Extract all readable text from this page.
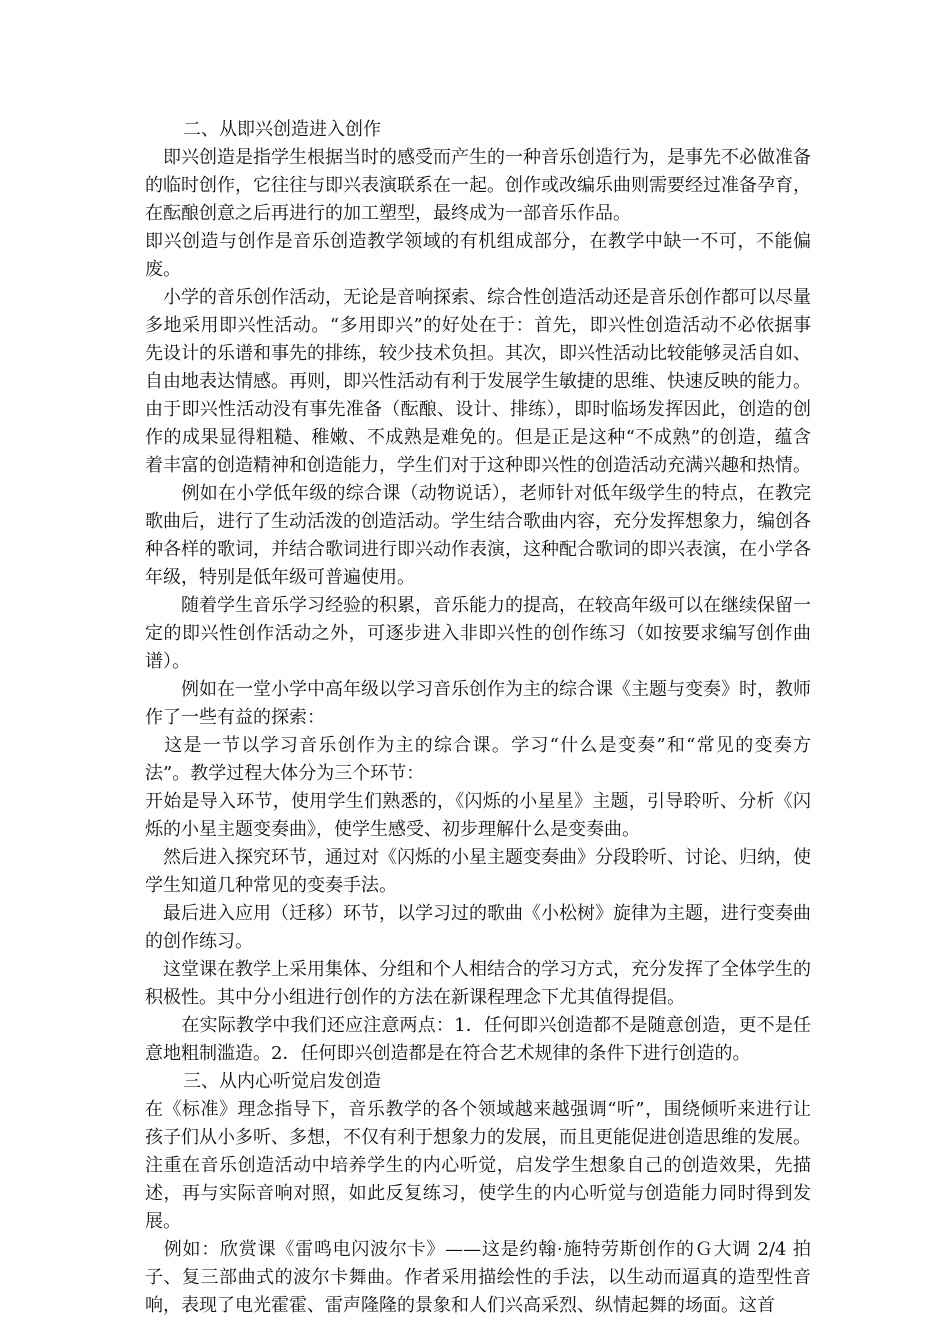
二、从即兴创造进入创作

　即兴创造是指学生根据当时的感受而产生的一种音乐创造行为，是事先不必做准备的临时创作，它往往与即兴表演联系在一起。创作或改编乐曲则需要经过准备孕育，在酝酿创意之后再进行的加工塑型，最终成为一部音乐作品。

即兴创造与创作是音乐创造教学领域的有机组成部分，在教学中缺一不可，不能偏废。

　小学的音乐创作活动，无论是音响探索、综合性创造活动还是音乐创作都可以尽量多地采用即兴性活动。“多用即兴”的好处在于：首先，即兴性创造活动不必依据事先设计的乐谱和事先的排练，较少技术负担。其次，即兴性活动比较能够灵活自如、自由地表达情感。再则，即兴性活动有利于发展学生敏捷的思维、快速反映的能力。由于即兴性活动没有事先准备（酝酿、设计、排练），即时临场发挥因此，创造的创作的成果显得粗糙、稚嫩、不成熟是难免的。但是正是这种“不成熟”的创造，蕴含着丰富的创造精神和创造能力，学生们对于这种即兴性的创造活动充满兴趣和热情。

　　例如在小学低年级的综合课（动物说话），老师针对低年级学生的特点，在教完歌曲后，进行了生动活泼的创造活动。学生结合歌曲内容，充分发挥想象力，编创各种各样的歌词，并结合歌词进行即兴动作表演，这种配合歌词的即兴表演，在小学各年级，特别是低年级可普遍使用。

　　随着学生音乐学习经验的积累，音乐能力的提高，在较高年级可以在继续保留一定的即兴性创作活动之外，可逐步进入非即兴性的创作练习（如按要求编写创作曲谱）。

　　例如在一堂小学中高年级以学习音乐创作为主的综合课《主题与变奏》时，教师作了一些有益的探索：

　这是一节以学习音乐创作为主的综合课。学习“什么是变奏”和“常见的变奏方法”。教学过程大体分为三个环节：

开始是导入环节，使用学生们熟悉的，《闪烁的小星星》主题，引导聆听、分析《闪烁的小星主题变奏曲》，使学生感受、初步理解什么是变奏曲。

　然后进入探究环节，通过对《闪烁的小星主题变奏曲》分段聆听、讨论、归纳，使学生知道几种常见的变奏手法。

　最后进入应用（迁移）环节，以学习过的歌曲《小松树》旋律为主题，进行变奏曲的创作练习。

　这堂课在教学上采用集体、分组和个人相结合的学习方式，充分发挥了全体学生的积极性。其中分小组进行创作的方法在新课程理念下尤其值得提倡。

　　在实际教学中我们还应注意两点：1．任何即兴创造都不是随意创造，更不是任意地粗制滥造。2．任何即兴创造都是在符合艺术规律的条件下进行创造的。

三、从内心听觉启发创造

在《标准》理念指导下，音乐教学的各个领域越来越强调“听”，围绕倾听来进行让孩子们从小多听、多想，不仅有利于想象力的发展，而且更能促进创造思维的发展。注重在音乐创造活动中培养学生的内心听觉，启发学生想象自己的创造效果，先描述，再与实际音响对照，如此反复练习，使学生的内心听觉与创造能力同时得到发展。

　例如：欣赏课《雷鸣电闪波尔卡》——这是约翰·施特劳斯创作的Ｇ大调 2/4 拍子、复三部曲式的波尔卡舞曲。作者采用描绘性的手法，以生动而逼真的造型性音响，表现了电光霍霍、雷声隆隆的景象和人们兴高采烈、纵情起舞的场面。这首
